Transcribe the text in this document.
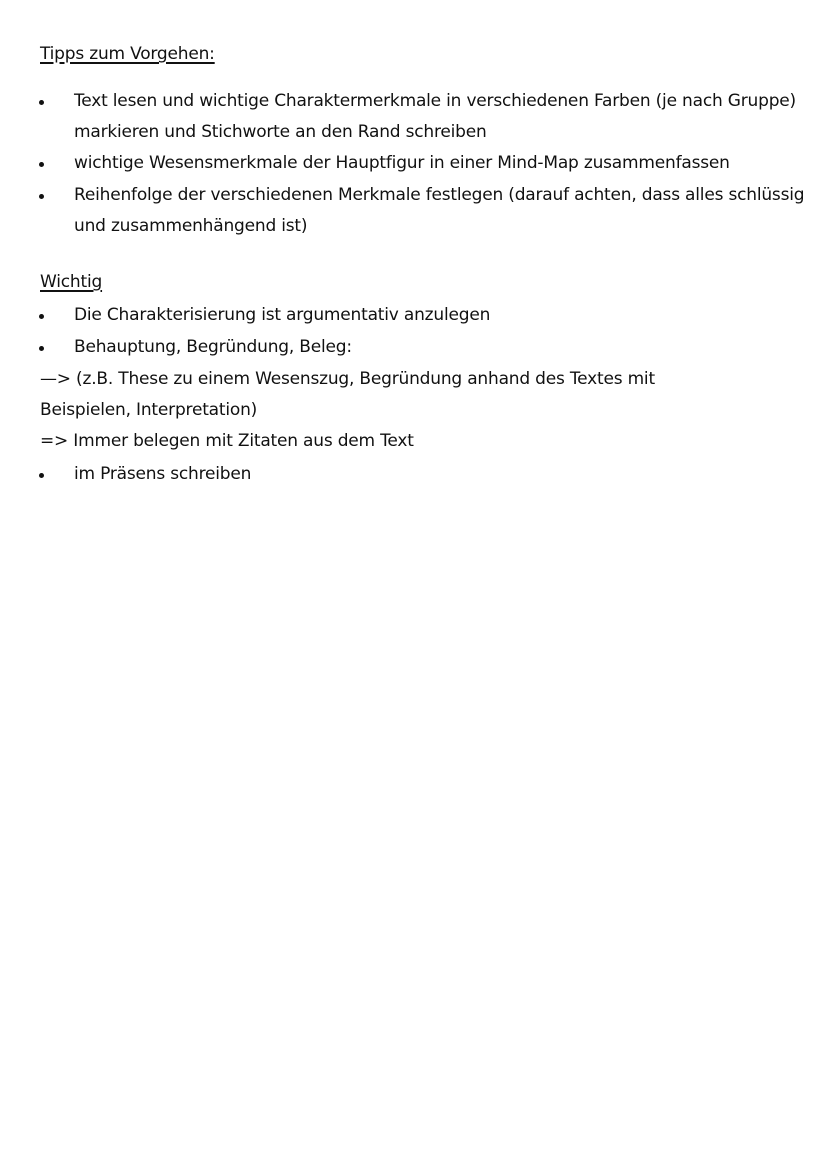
Tipps zum Vorgehen:
Text lesen und wichtige Charaktermerkmale in verschiedenen Farben (je nach Gruppe)
markieren und Stichworte an den Rand schreiben
wichtige Wesensmerkmale der Hauptfigur in einer Mind-Map zusammenfassen
Reihenfolge der verschiedenen Merkmale festlegen (darauf achten, dass alles schlüssig
und zusammenhängend ist)
Wichtig
Die Charakterisierung ist argumentativ anzulegen
Behauptung, Begründung, Beleg:
—> (z.B. These zu einem Wesenszug, Begründung anhand des Textes mit
Beispielen, Interpretation)
=> Immer belegen mit Zitaten aus dem Text
im Präsens schreiben
